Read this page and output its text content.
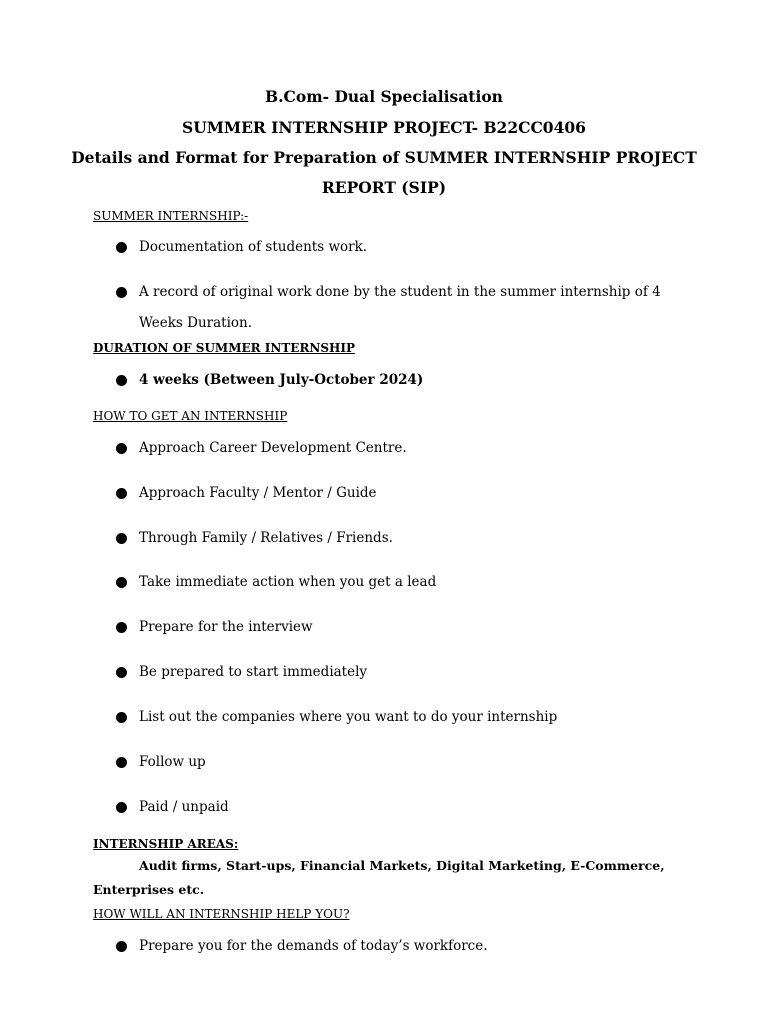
B.Com- Dual Specialisation
SUMMER INTERNSHIP PROJECT- B22CC0406
Details and Format for Preparation of SUMMER INTERNSHIP PROJECT
REPORT (SIP)
SUMMER INTERNSHIP:-
Documentation of students work.
A record of original work done by the student in the summer internship of 4
Weeks Duration.
DURATION OF SUMMER INTERNSHIP
4 weeks (Between July-October 2024)
HOW TO GET AN INTERNSHIP
Approach Career Development Centre.
Approach Faculty / Mentor / Guide
Through Family / Relatives / Friends.
Take immediate action when you get a lead
Prepare for the interview
Be prepared to start immediately
List out the companies where you want to do your internship
Follow up
Paid / unpaid
INTERNSHIP AREAS:
Audit firms, Start-ups, Financial Markets, Digital Marketing, E-Commerce,
Enterprises etc.
HOW WILL AN INTERNSHIP HELP YOU?
Prepare you for the demands of today’s workforce.
